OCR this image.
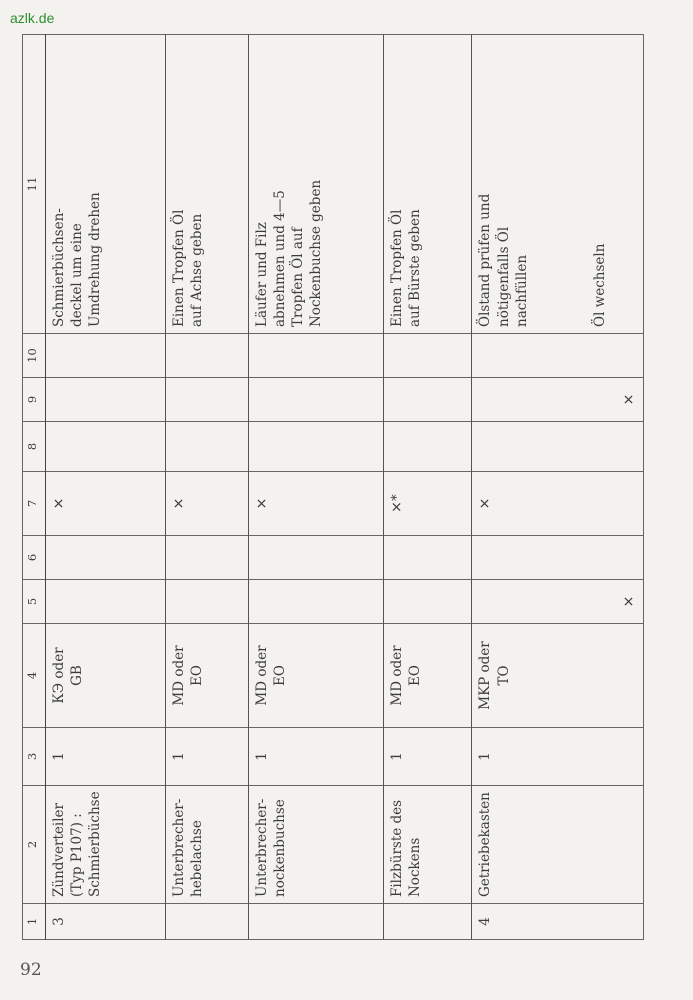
azlk.de
1	2	3	4	5	6	7	8	9	10	11
3	Zündverteiler
(Typ P107) :
Schmierbüchse	1	КЭ oder
GB			×				Schmierbüchsen-
deckel um eine
Umdrehung drehen
	Unterbrecher-
hebelachse	1	MD oder
EO			×				Einen Tropfen Öl
auf Achse geben
	Unterbrecher-
nockenbuchse	1	MD oder
EO			×				Läufer und Filz
abnehmen und 4—5
Tropfen Öl auf
Nockenbuchse geben
	Filzbürste des
Nockens	1	MD oder
EO			×*				Einen Tropfen Öl
auf Bürste geben
4	Getriebekasten	1	MKP oder
TO	×		×		×		Ölstand prüfen und
nötigenfalls Öl
nachfüllen Öl wechseln
92
